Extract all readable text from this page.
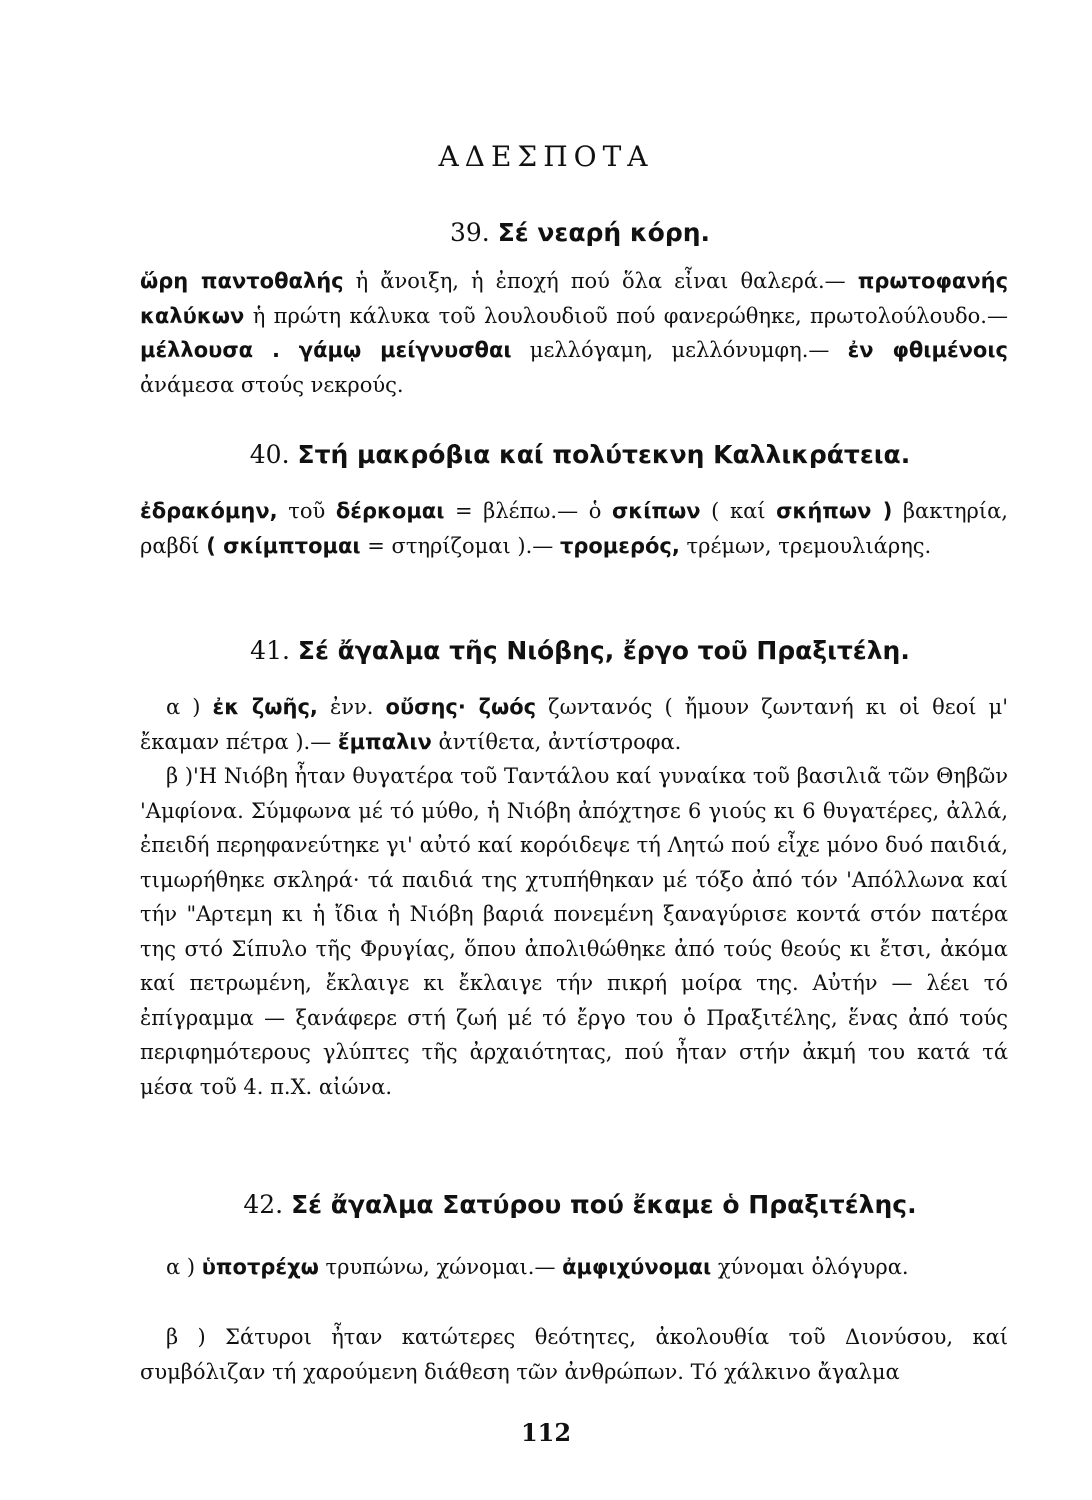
ΑΔΕΣΠΟΤΑ
39. Σέ νεαρή κόρη.

ὥρη παντοθαλής ἡ ἄνοιξη, ἡ ἐποχή πού ὅλα εἶναι θαλερά.— πρωτοφανής καλύκων ἡ πρώτη κάλυκα τοῦ λουλουδιοῦ πού φανερώθηκε, πρωτολούλουδο.— μέλλουσα . γάμῳ μείγνυσθαι μελλόγαμη, μελλόνυμφη.— ἐν φθιμένοις ἀνάμεσα στούς νεκρούς.

40. Στή μακρόβια καί πολύτεκνη Καλλικράτεια.

ἐδρακόμην, τοῦ δέρκομαι = βλέπω.— ὁ σκίπων ( καί σκήπων ) βακτηρία, ραβδί ( σκίμπτομαι = στηρίζομαι ).— τρομερός, τρέμων, τρεμουλιάρης.

41. Σέ ἄγαλμα τῆς Νιόβης, ἔργο τοῦ Πραξιτέλη.

α ) ἐκ ζωῆς, ἐνν. οὔσης· ζωός ζωντανός ( ἤμουν ζωντανή κι οἱ θεοί μ' ἔκαμαν πέτρα ).— ἔμπαλιν ἀντίθετα, ἀντίστροφα.

β )'Η Νιόβη ἦταν θυγατέρα τοῦ Ταντάλου καί γυναίκα τοῦ βασιλιᾶ τῶν Θηβῶν 'Αμφίονα. Σύμφωνα μέ τό μύθο, ἡ Νιόβη ἀπόχτησε 6 γιούς κι 6 θυγατέρες, ἀλλά, ἐπειδή περηφανεύτηκε γι' αὐτό καί κορόιδεψε τή Λητώ πού εἶχε μόνο δυό παιδιά, τιμωρήθηκε σκληρά· τά παιδιά της χτυπήθηκαν μέ τόξο ἀπό τόν 'Απόλλωνα καί τήν "Αρτεμη κι ἡ ἴδια ἡ Νιόβη βαριά πονεμένη ξαναγύρισε κοντά στόν πατέρα της στό Σίπυλο τῆς Φρυγίας, ὅπου ἀπολιθώθηκε ἀπό τούς θεούς κι ἔτσι, ἀκόμα καί πετρωμένη, ἔκλαιγε κι ἔκλαιγε τήν πικρή μοίρα της. Αὐτήν — λέει τό ἐπίγραμμα — ξανάφερε στή ζωή μέ τό ἔργο του ὁ Πραξιτέλης, ἕνας ἀπό τούς περιφημότερους γλύπτες τῆς ἀρχαιότητας, πού ἦταν στήν ἀκμή του κατά τά μέσα τοῦ 4. π.Χ. αἰώνα.

42. Σέ ἄγαλμα Σατύρου πού ἔκαμε ὁ Πραξιτέλης.

α ) ὑποτρέχω τρυπώνω, χώνομαι.— ἀμφιχύνομαι χύνομαι ὁλόγυρα.

β ) Σάτυροι ἦταν κατώτερες θεότητες, ἀκολουθία τοῦ Διονύσου, καί συμβόλιζαν τή χαρούμενη διάθεση τῶν ἀνθρώπων. Τό χάλκινο ἄγαλμα

112
